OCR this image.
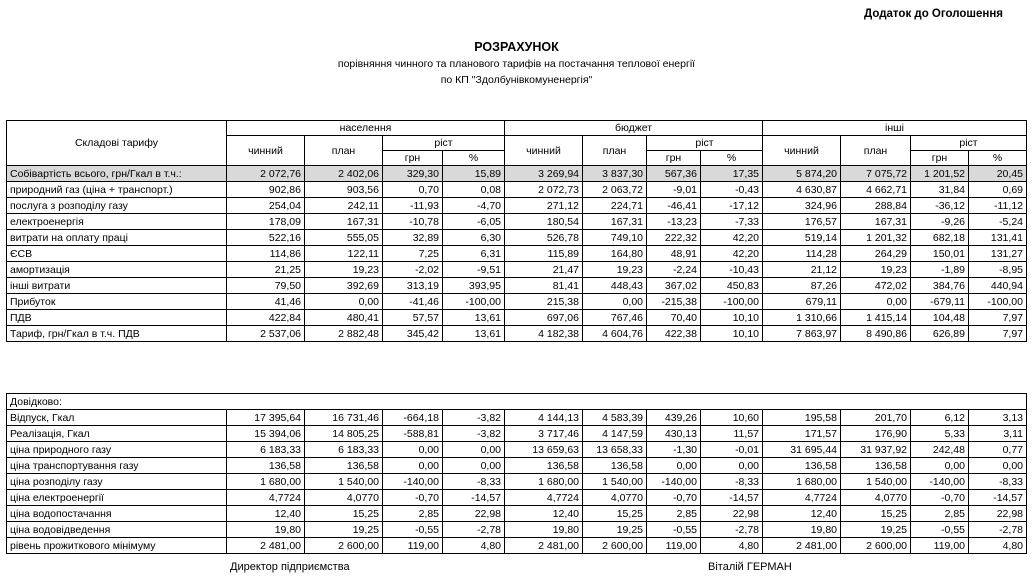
Додаток до Оголошення
РОЗРАХУНОК
порівняння чинного та планового тарифів на постачання теплової енергії
по КП "Здолбунівкомуненергія"
Складові тарифу	населення				бюджет				інші			
	чинний	план	ріст		чинний	план	ріст		чинний	план	ріст	
			грн	%			грн	%			грн	%
Собівартість всього, грн/Гкал в т.ч.:	2 072,76	2 402,06	329,30	15,89	3 269,94	3 837,30	567,36	17,35	5 874,20	7 075,72	1 201,52	20,45
природний газ (ціна + транспорт.)	902,86	903,56	0,70	0,08	2 072,73	2 063,72	-9,01	-0,43	4 630,87	4 662,71	31,84	0,69
послуга з розподілу газу	254,04	242,11	-11,93	-4,70	271,12	224,71	-46,41	-17,12	324,96	288,84	-36,12	-11,12
електроенергія	178,09	167,31	-10,78	-6,05	180,54	167,31	-13,23	-7,33	176,57	167,31	-9,26	-5,24
витрати на оплату праці	522,16	555,05	32,89	6,30	526,78	749,10	222,32	42,20	519,14	1 201,32	682,18	131,41
ЄСВ	114,86	122,11	7,25	6,31	115,89	164,80	48,91	42,20	114,28	264,29	150,01	131,27
амортизація	21,25	19,23	-2,02	-9,51	21,47	19,23	-2,24	-10,43	21,12	19,23	-1,89	-8,95
інші витрати	79,50	392,69	313,19	393,95	81,41	448,43	367,02	450,83	87,26	472,02	384,76	440,94
Прибуток	41,46	0,00	-41,46	-100,00	215,38	0,00	-215,38	-100,00	679,11	0,00	-679,11	-100,00
ПДВ	422,84	480,41	57,57	13,61	697,06	767,46	70,40	10,10	1 310,66	1 415,14	104,48	7,97
Тариф, грн/Гкал в т.ч. ПДВ	2 537,06	2 882,48	345,42	13,61	4 182,38	4 604,76	422,38	10,10	7 863,97	8 490,86	626,89	7,97
Довідково:												
Відпуск, Гкал	17 395,64	16 731,46	-664,18	-3,82	4 144,13	4 583,39	439,26	10,60	195,58	201,70	6,12	3,13
Реалізація, Гкал	15 394,06	14 805,25	-588,81	-3,82	3 717,46	4 147,59	430,13	11,57	171,57	176,90	5,33	3,11
ціна природного газу	6 183,33	6 183,33	0,00	0,00	13 659,63	13 658,33	-1,30	-0,01	31 695,44	31 937,92	242,48	0,77
ціна транспортування газу	136,58	136,58	0,00	0,00	136,58	136,58	0,00	0,00	136,58	136,58	0,00	0,00
ціна розподілу газу	1 680,00	1 540,00	-140,00	-8,33	1 680,00	1 540,00	-140,00	-8,33	1 680,00	1 540,00	-140,00	-8,33
ціна електроенергії	4,7724	4,0770	-0,70	-14,57	4,7724	4,0770	-0,70	-14,57	4,7724	4,0770	-0,70	-14,57
ціна водопостачання	12,40	15,25	2,85	22,98	12,40	15,25	2,85	22,98	12,40	15,25	2,85	22,98
ціна водовідведення	19,80	19,25	-0,55	-2,78	19,80	19,25	-0,55	-2,78	19,80	19,25	-0,55	-2,78
рівень прожиткового мінімуму	2 481,00	2 600,00	119,00	4,80	2 481,00	2 600,00	119,00	4,80	2 481,00	2 600,00	119,00	4,80
Директор підприємства	Віталій ГЕРМАН
